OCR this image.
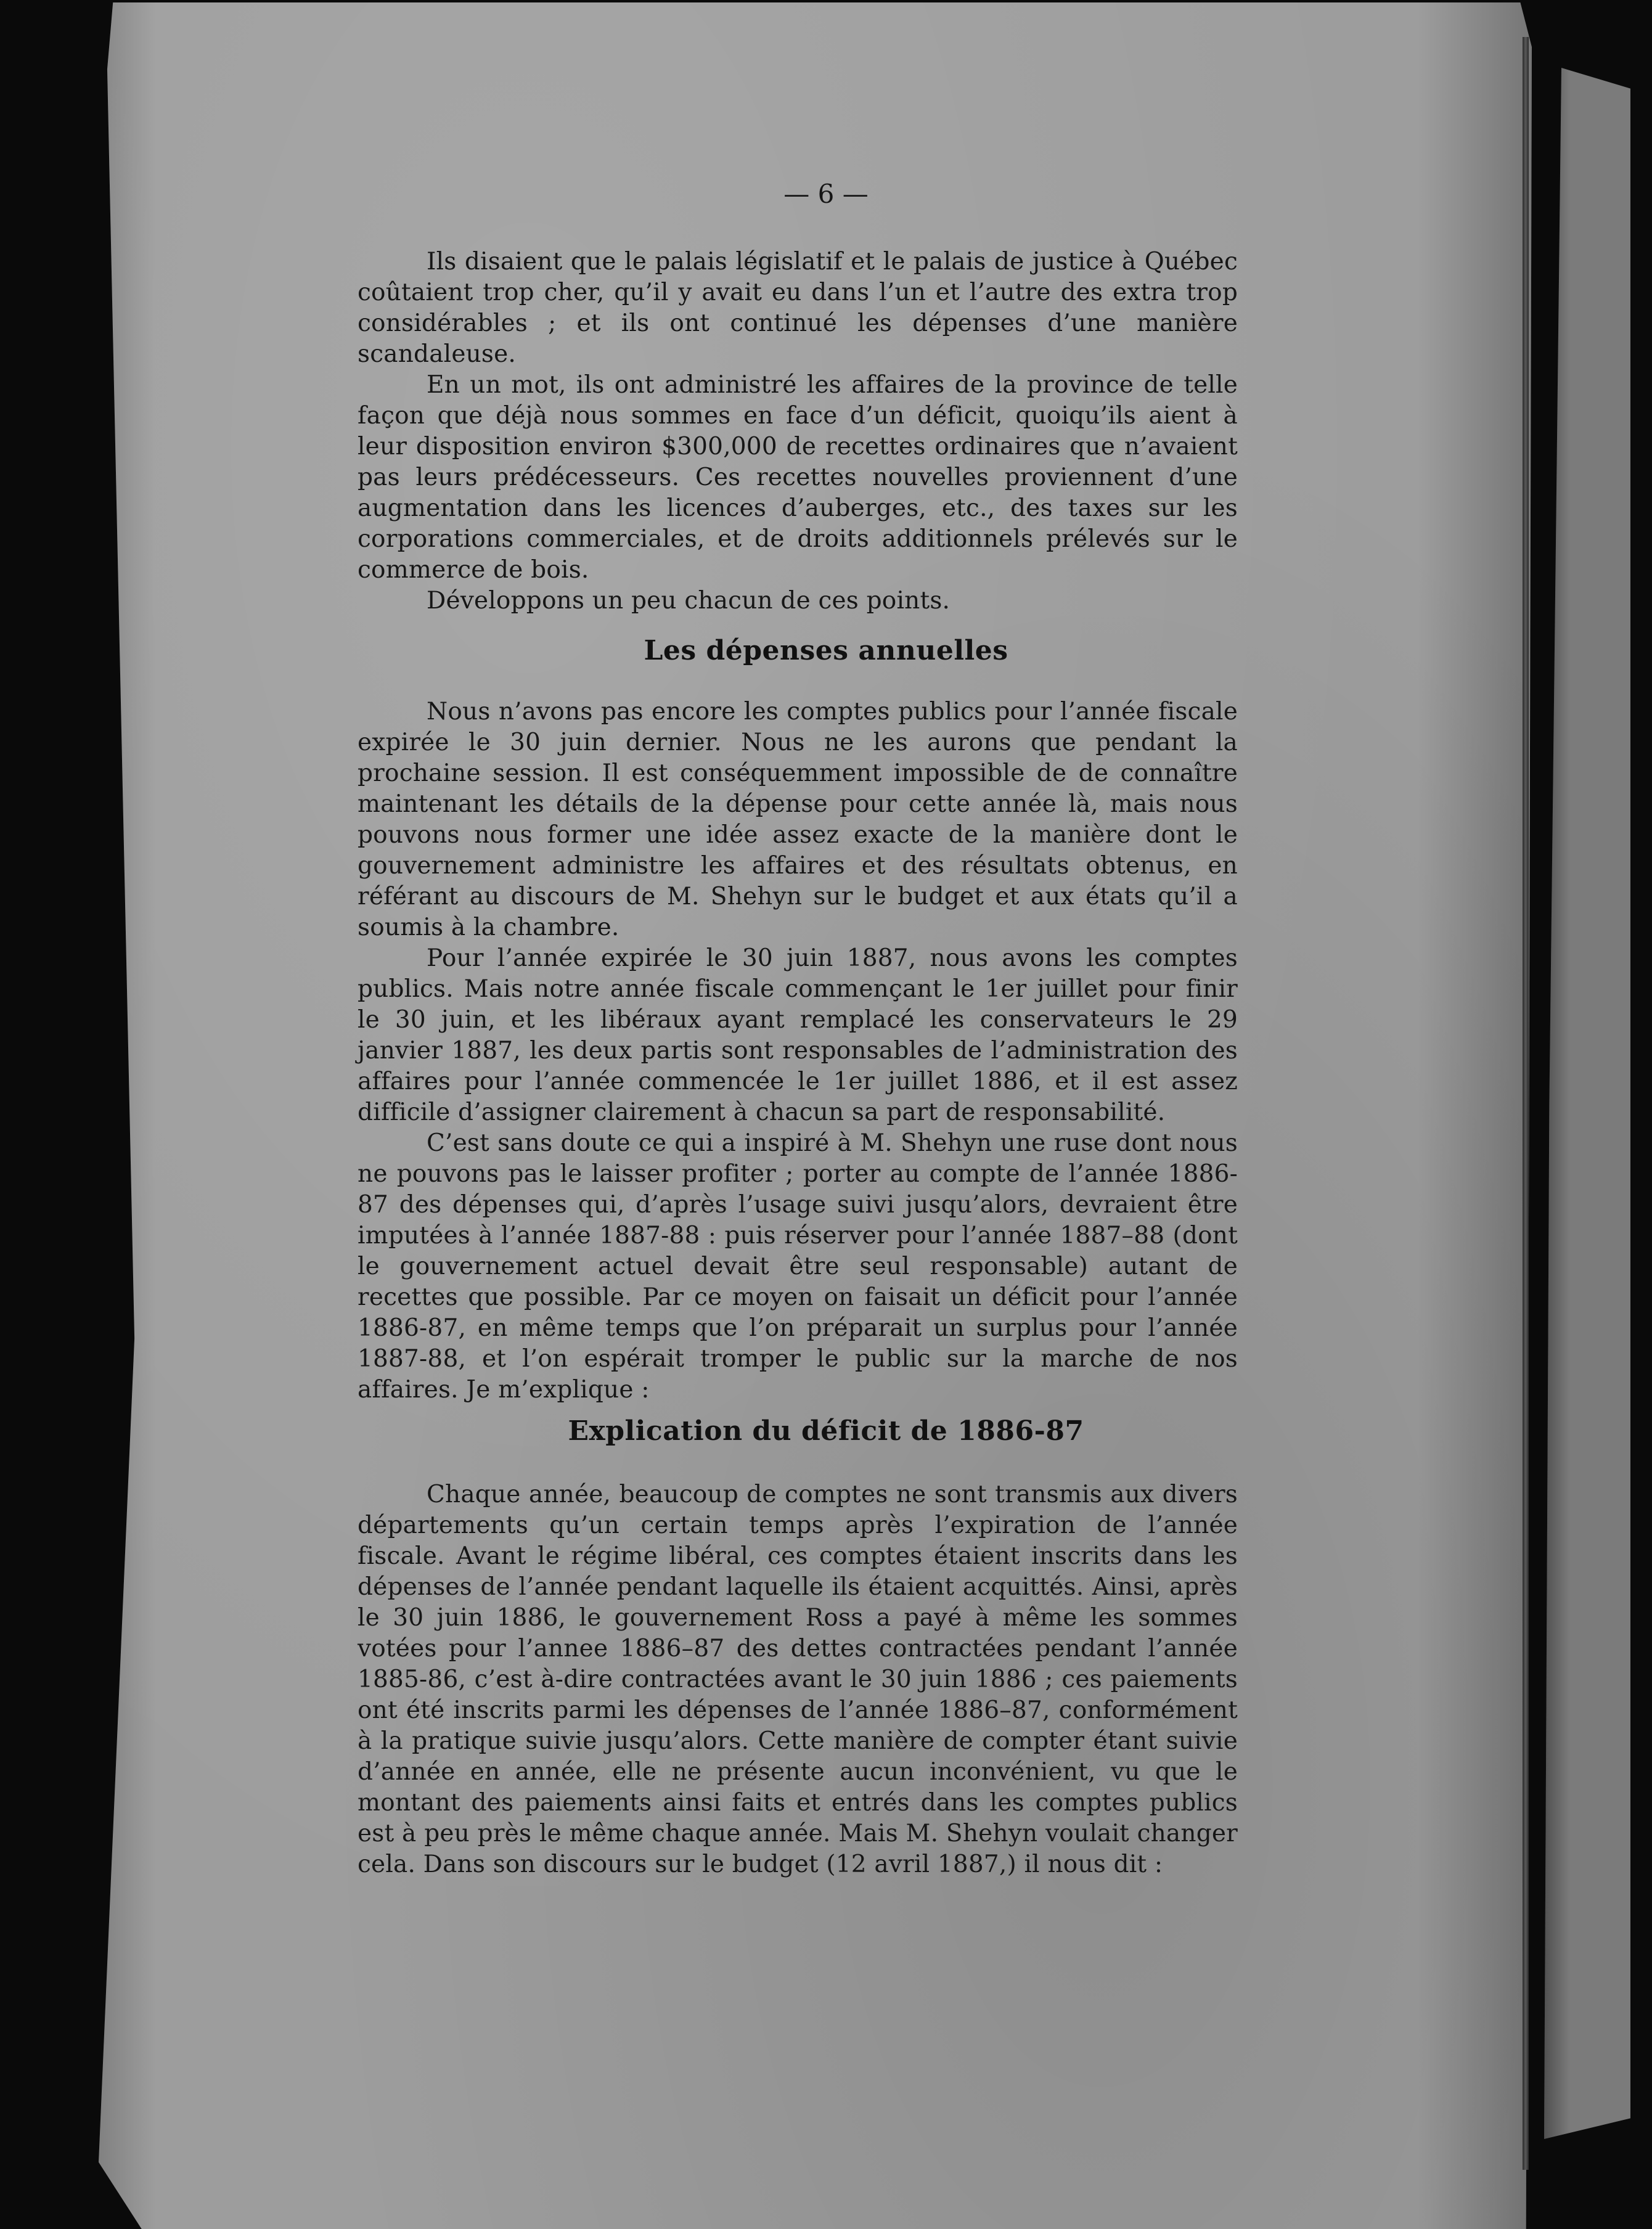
— 6 —

Ils disaient que le palais législatif et le palais de justice à Québec coûtaient trop cher, qu’il y avait eu dans l’un et l’autre des extra trop considérables ; et ils ont continué les dépenses d’une manière scandaleuse.

En un mot, ils ont administré les affaires de la province de telle façon que déjà nous sommes en face d’un déficit, quoiqu’ils aient à leur disposition environ $300,000 de recettes ordinaires que n’avaient pas leurs prédécesseurs. Ces recettes nouvelles proviennent d’une augmentation dans les licences d’auberges, etc., des taxes sur les corporations commerciales, et de droits additionnels prélevés sur le commerce de bois.

Développons un peu chacun de ces points.

Les dépenses annuelles

Nous n’avons pas encore les comptes publics pour l’année fiscale expirée le 30 juin dernier. Nous ne les aurons que pendant la prochaine session. Il est conséquemment impossible de de connaître maintenant les détails de la dépense pour cette année là, mais nous pouvons nous former une idée assez exacte de la manière dont le gouvernement administre les affaires et des résultats obtenus, en référant au discours de M. Shehyn sur le budget et aux états qu’il a soumis à la chambre.

Pour l’année expirée le 30 juin 1887, nous avons les comptes publics. Mais notre année fiscale commençant le 1er juillet pour finir le 30 juin, et les libéraux ayant remplacé les conservateurs le 29 janvier 1887, les deux partis sont responsables de l’administration des affaires pour l’année commencée le 1er juillet 1886, et il est assez difficile d’assigner clairement à chacun sa part de responsabilité.

C’est sans doute ce qui a inspiré à M. Shehyn une ruse dont nous ne pouvons pas le laisser profiter ; porter au compte de l’année 1886-87 des dépenses qui, d’après l’usage suivi jusqu’alors, devraient être imputées à l’année 1887-88 : puis réserver pour l’année 1887–88 (dont le gouvernement actuel devait être seul responsable) autant de recettes que possible. Par ce moyen on faisait un déficit pour l’année 1886-87, en même temps que l’on préparait un surplus pour l’année 1887-88, et l’on espérait tromper le public sur la marche de nos affaires. Je m’explique :

Explication du déficit de 1886-87

Chaque année, beaucoup de comptes ne sont transmis aux divers départements qu’un certain temps après l’expiration de l’année fiscale. Avant le régime libéral, ces comptes étaient inscrits dans les dépenses de l’année pendant laquelle ils étaient acquittés. Ainsi, après le 30 juin 1886, le gouvernement Ross a payé à même les sommes votées pour l’annee 1886–87 des dettes contractées pendant l’année 1885-86, c’est à-dire contractées avant le 30 juin 1886 ; ces paiements ont été inscrits parmi les dépenses de l’année 1886–87, conformément à la pratique suivie jusqu’alors. Cette manière de compter étant suivie d’année en année, elle ne présente aucun inconvénient, vu que le montant des paiements ainsi faits et entrés dans les comptes publics est à peu près le même chaque année. Mais M. Shehyn voulait changer cela. Dans son discours sur le budget (12 avril 1887,) il nous dit :
